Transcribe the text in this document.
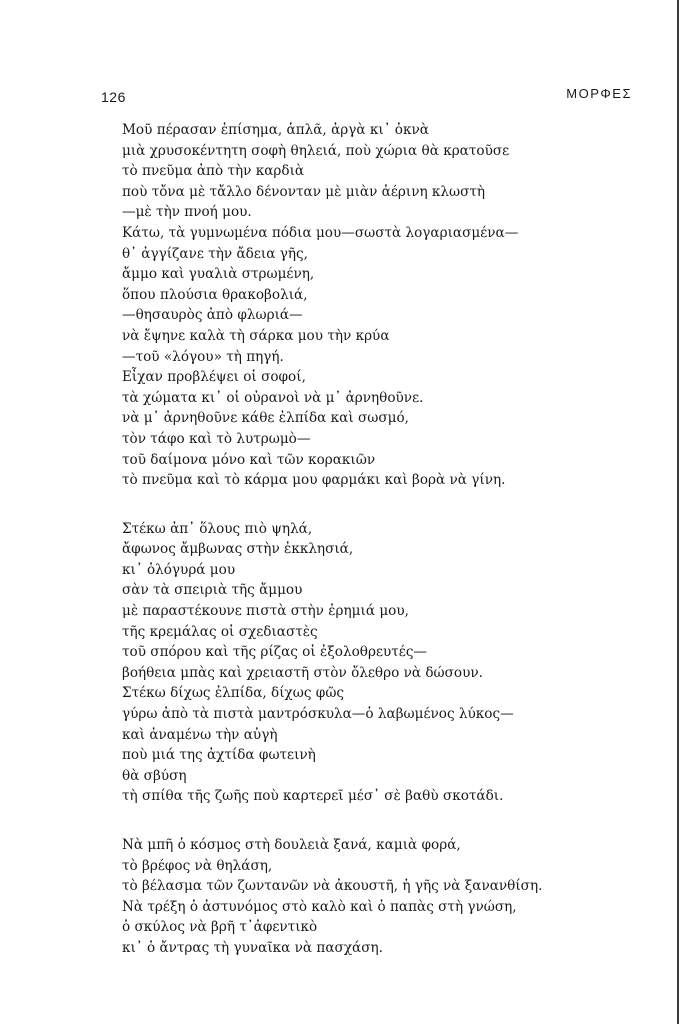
126	ΜΟΡΦΕΣ
Μοῦ πέρασαν ἐπίσημα, ἁπλᾶ, ἀργὰ κι᾽ ὀκνὰ
μιὰ χρυσοκέντητη σοφὴ θηλειά, ποὺ χώρια θὰ κρατοῦσε
τὸ πνεῦμα ἀπὸ τὴν καρδιὰ
ποὺ τὄνα μὲ τἄλλο δένονταν μὲ μιὰν ἀέρινη κλωστὴ
—μὲ τὴν πνοή μου.
Κάτω, τὰ γυμνωμένα πόδια μου—σωστὰ λογαριασμένα—
θ᾽ ἀγγίζανε τὴν ἄδεια γῆς,
ἄμμο καὶ γυαλιὰ στρωμένη,
ὅπου πλούσια θρακοβολιά,
—θησαυρὸς ἀπὸ φλωριά—
νὰ ἔψηνε καλὰ τὴ σάρκα μου τὴν κρύα
—τοῦ «λόγου» τὴ πηγή.
Εἶχαν προβλέψει οἱ σοφοί,
τὰ χώματα κι᾽ οἱ οὐρανοὶ νὰ μ᾽ ἀρνηθοῦνε.
νὰ μ᾽ ἀρνηθοῦνε κάθε ἐλπίδα καὶ σωσμό,
τὸν τάφο καὶ τὸ λυτρωμὸ—
τοῦ δαίμονα μόνο καὶ τῶν κορακιῶν
τὸ πνεῦμα καὶ τὸ κάρμα μου φαρμάκι καὶ βορὰ νὰ γίνη.
Στέκω ἀπ᾽ ὅλους πιὸ ψηλά,
ἄφωνος ἄμβωνας στὴν ἐκκλησιά,
κι᾽ ὁλόγυρά μου
σὰν τὰ σπειριὰ τῆς ἄμμου
μὲ παραστέκουνε πιστὰ στὴν ἐρημιά μου,
τῆς κρεμάλας οἱ σχεδιαστὲς
τοῦ σπόρου καὶ τῆς ρίζας οἱ ἐξολοθρευτές—
βοήθεια μπὰς καὶ χρειαστῆ στὸν ὄλεθρο νὰ δώσουν.
Στέκω δίχως ἐλπίδα, δίχως φῶς
γύρω ἀπὸ τὰ πιστὰ μαντρόσκυλα—ὁ λαβωμένος λύκος—
καὶ ἀναμένω τὴν αὐγὴ
ποὺ μιά της ἀχτίδα φωτεινὴ
θὰ σβύση
τὴ σπίθα τῆς ζωῆς ποὺ καρτερεῖ μέσ᾽ σὲ βαθὺ σκοτάδι.
Νὰ μπῆ ὁ κόσμος στὴ δουλειὰ ξανά, καμιὰ φορά,
τὸ βρέφος νὰ θηλάση,
τὸ βέλασμα τῶν ζωντανῶν νὰ ἀκουστῆ, ἡ γῆς νὰ ξανανθίση.
Νὰ τρέξη ὁ ἀστυνόμος στὸ καλὸ καὶ ὁ παπὰς στὴ γνώση,
ὁ σκύλος νὰ βρῆ τ᾽ἀφεντικὸ
κι᾽ ὁ ἄντρας τὴ γυναῖκα νὰ πασχάση.
